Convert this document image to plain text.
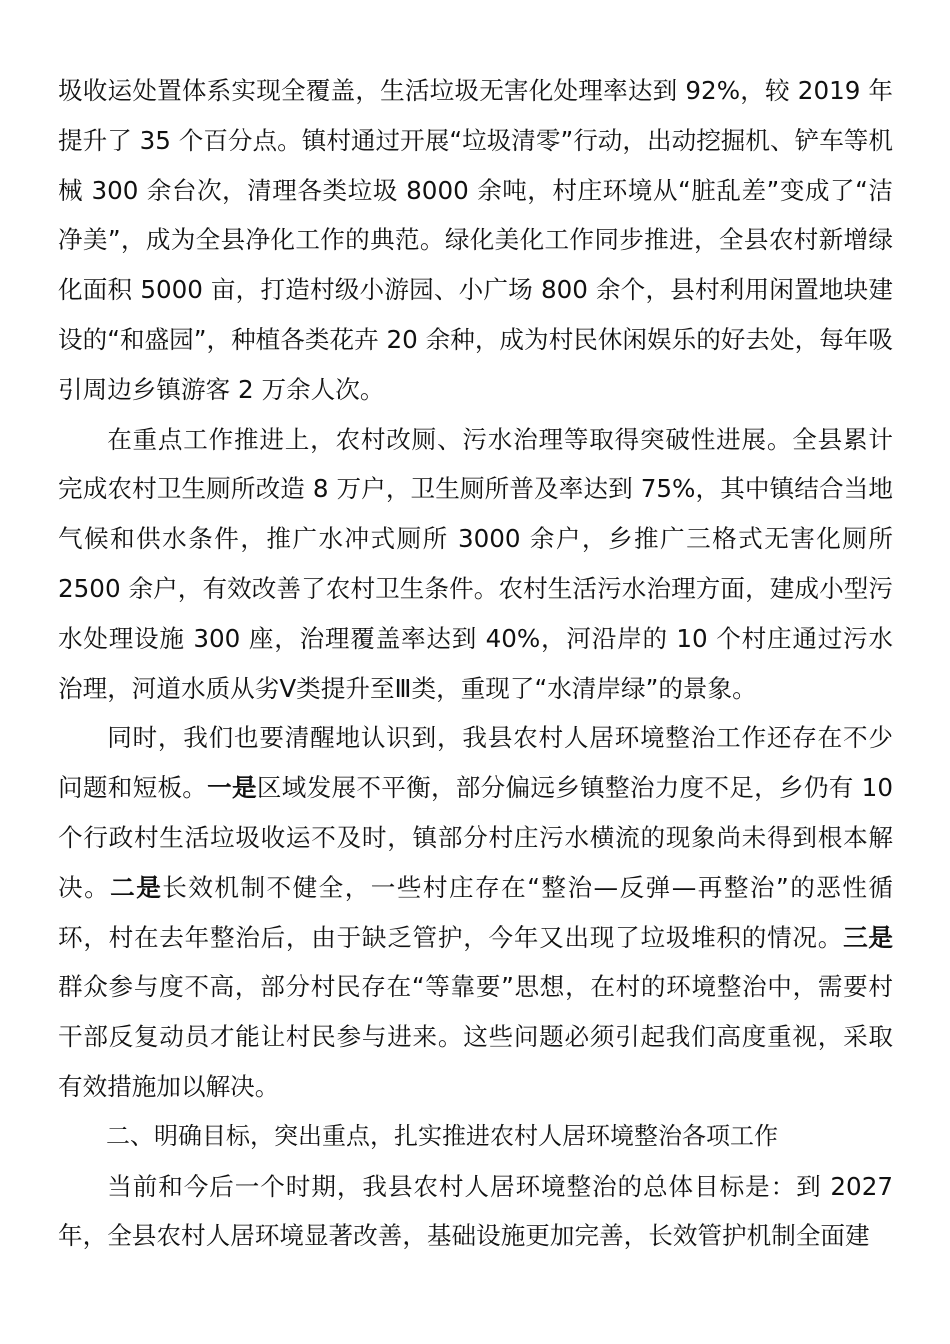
圾收运处置体系实现全覆盖，生活垃圾无害化处理率达到 92%，较 2019 年提升了 35 个百分点。镇村通过开展“垃圾清零”行动，出动挖掘机、铲车等机械 300 余台次，清理各类垃圾 8000 余吨，村庄环境从“脏乱差”变成了“洁净美”，成为全县净化工作的典范。绿化美化工作同步推进，全县农村新增绿化面积 5000 亩，打造村级小游园、小广场 800 余个，县村利用闲置地块建设的“和盛园”，种植各类花卉 20 余种，成为村民休闲娱乐的好去处，每年吸引周边乡镇游客 2 万余人次。

在重点工作推进上，农村改厕、污水治理等取得突破性进展。全县累计完成农村卫生厕所改造 8 万户，卫生厕所普及率达到 75%，其中镇结合当地气候和供水条件，推广水冲式厕所 3000 余户，乡推广三格式无害化厕所 2500 余户，有效改善了农村卫生条件。农村生活污水治理方面，建成小型污水处理设施 300 座，治理覆盖率达到 40%，河沿岸的 10 个村庄通过污水治理，河道水质从劣Ⅴ类提升至Ⅲ类，重现了“水清岸绿”的景象。

同时，我们也要清醒地认识到，我县农村人居环境整治工作还存在不少问题和短板。一是区域发展不平衡，部分偏远乡镇整治力度不足，乡仍有 10 个行政村生活垃圾收运不及时，镇部分村庄污水横流的现象尚未得到根本解决。二是长效机制不健全，一些村庄存在“整治—反弹—再整治”的恶性循环，村在去年整治后，由于缺乏管护，今年又出现了垃圾堆积的情况。三是群众参与度不高，部分村民存在“等靠要”思想，在村的环境整治中，需要村干部反复动员才能让村民参与进来。这些问题必须引起我们高度重视，采取有效措施加以解决。

二、明确目标，突出重点，扎实推进农村人居环境整治各项工作

当前和今后一个时期，我县农村人居环境整治的总体目标是：到 2027 年，全县农村人居环境显著改善，基础设施更加完善，长效管护机制全面建
